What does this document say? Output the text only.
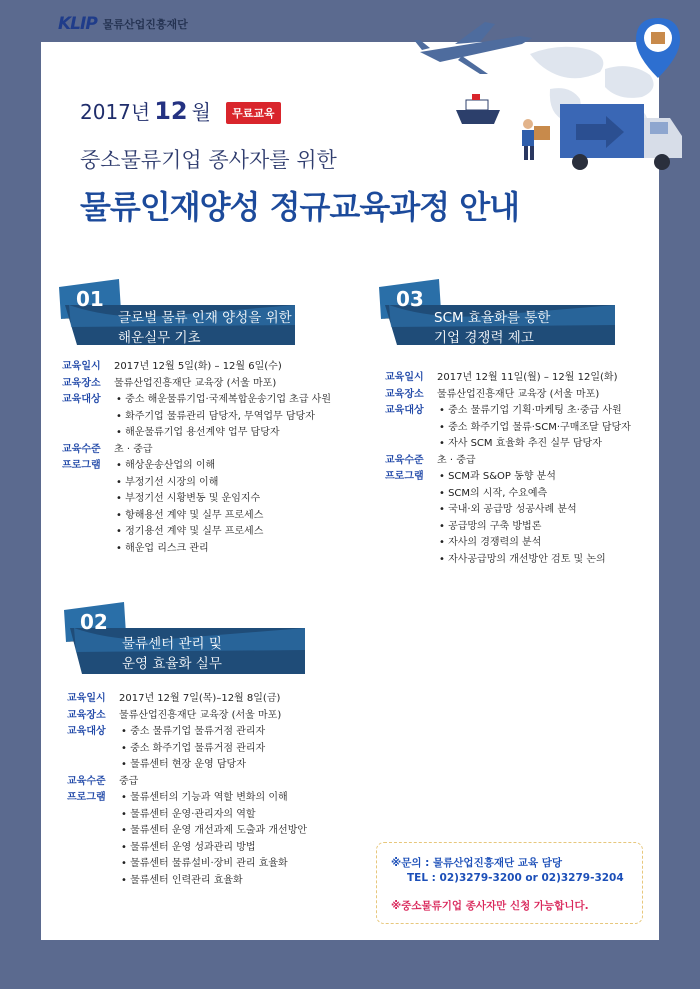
KLIP 물류산업진흥재단
2017년 12 월	무료교육
중소물류기업 종사자를 위한
물류인재양성 정규교육과정 안내
01
글로벌 물류 인재 양성을 위한
해운실무 기초
교육일시	2017년 12월 5일(화) – 12월 6일(수)
교육장소	물류산업진흥재단 교육장 (서울 마포)
교육대상	• 중소 해운물류기업·국제복합운송기업 초급 사원
• 화주기업 물류관리 담당자, 무역업무 담당자
• 해운물류기업 용선계약 업무 담당자
교육수준	초 · 중급
프로그램	• 해상운송산업의 이해
• 부정기선 시장의 이해
• 부정기선 시황변동 및 운임지수
• 항해용선 계약 및 실무 프로세스
• 정기용선 계약 및 실무 프로세스
• 해운업 리스크 관리
03
SCM 효율화를 통한
기업 경쟁력 제고
교육일시	2017년 12월 11일(월) – 12월 12일(화)
교육장소	물류산업진흥재단 교육장 (서울 마포)
교육대상	• 중소 물류기업 기획·마케팅 초·중급 사원
• 중소 화주기업 물류·SCM·구매조달 담당자
• 자사 SCM 효율화 추진 실무 담당자
교육수준	초 · 중급
프로그램	• SCM과 S&OP 동향 분석
• SCM의 시작, 수요예측
• 국내·외 공급망 성공사례 분석
• 공급망의 구축 방법론
• 자사의 경쟁력의 분석
• 자사공급망의 개선방안 검토 및 논의
02
물류센터 관리 및
운영 효율화 실무
교육일시	2017년 12월 7일(목)–12월 8일(금)
교육장소	물류산업진흥재단 교육장 (서울 마포)
교육대상	• 중소 물류기업 물류거점 관리자
• 중소 화주기업 물류거점 관리자
• 물류센터 현장 운영 담당자
교육수준	중급
프로그램	• 물류센터의 기능과 역할 변화의 이해
• 물류센터 운영·관리자의 역할
• 물류센터 운영 개선과제 도출과 개선방안
• 물류센터 운영 성과관리 방법
• 물류센터 물류설비·장비 관리 효율화
• 물류센터 인력관리 효율화
※문의 : 물류산업진흥재단 교육 담당
TEL : 02)3279-3200 or 02)3279-3204
※중소물류기업 종사자만 신청 가능합니다.
